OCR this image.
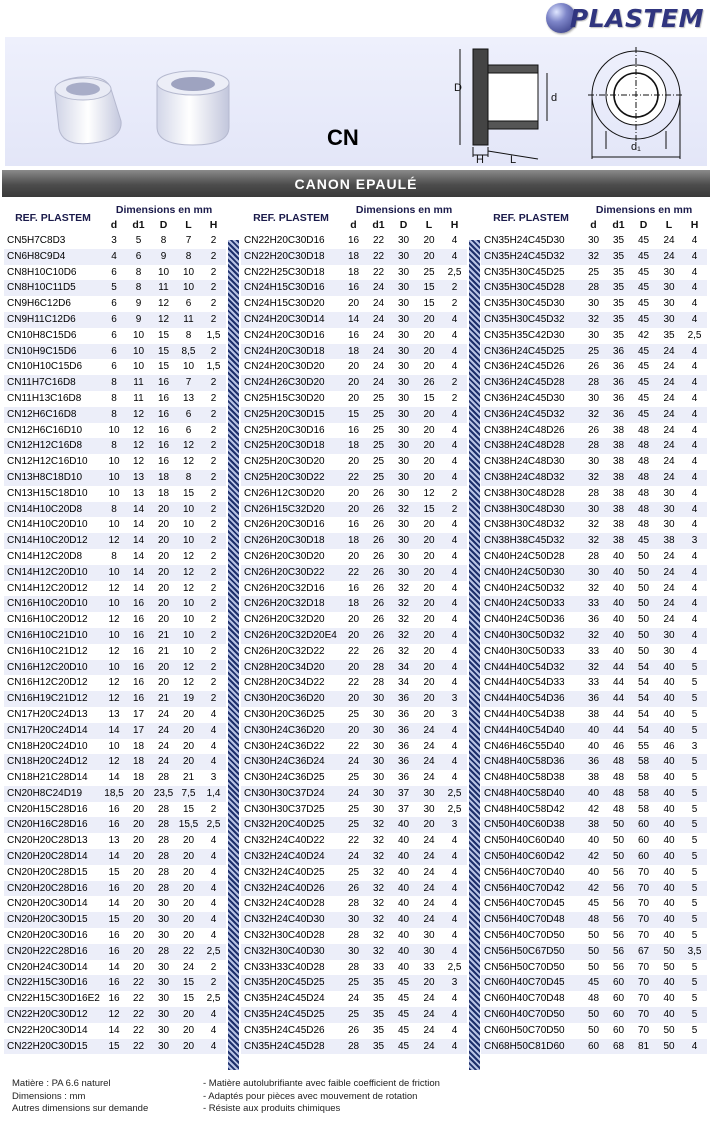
PLASTEM
CN
D
d
H L
d₁
CANON EPAULÉ
REF. PLASTEM	Dimensions en mm				
	d	d1	D	L	H
CN5H7C8D3	3	5	8	7	2
CN6H8C9D4	4	6	9	8	2
CN8H10C10D6	6	8	10	10	2
CN8H10C11D5	5	8	11	10	2
CN9H6C12D6	6	9	12	6	2
CN9H11C12D6	6	9	12	11	2
CN10H8C15D6	6	10	15	8	1,5
CN10H9C15D6	6	10	15	8,5	2
CN10H10C15D6	6	10	15	10	1,5
CN11H7C16D8	8	11	16	7	2
CN11H13C16D8	8	11	16	13	2
CN12H6C16D8	8	12	16	6	2
CN12H6C16D10	10	12	16	6	2
CN12H12C16D8	8	12	16	12	2
CN12H12C16D10	10	12	16	12	2
CN13H8C18D10	10	13	18	8	2
CN13H15C18D10	10	13	18	15	2
CN14H10C20D8	8	14	20	10	2
CN14H10C20D10	10	14	20	10	2
CN14H10C20D12	12	14	20	10	2
CN14H12C20D8	8	14	20	12	2
CN14H12C20D10	10	14	20	12	2
CN14H12C20D12	12	14	20	12	2
CN16H10C20D10	10	16	20	10	2
CN16H10C20D12	12	16	20	10	2
CN16H10C21D10	10	16	21	10	2
CN16H10C21D12	12	16	21	10	2
CN16H12C20D10	10	16	20	12	2
CN16H12C20D12	12	16	20	12	2
CN16H19C21D12	12	16	21	19	2
CN17H20C24D13	13	17	24	20	4
CN17H20C24D14	14	17	24	20	4
CN18H20C24D10	10	18	24	20	4
CN18H20C24D12	12	18	24	20	4
CN18H21C28D14	14	18	28	21	3
CN20H8C24D19	18,5	20	23,5	7,5	1,4
CN20H15C28D16	16	20	28	15	2
CN20H16C28D16	16	20	28	15,5	2,5
CN20H20C28D13	13	20	28	20	4
CN20H20C28D14	14	20	28	20	4
CN20H20C28D15	15	20	28	20	4
CN20H20C28D16	16	20	28	20	4
CN20H20C30D14	14	20	30	20	4
CN20H20C30D15	15	20	30	20	4
CN20H20C30D16	16	20	30	20	4
CN20H22C28D16	16	20	28	22	2,5
CN20H24C30D14	14	20	30	24	2
CN22H15C30D16	16	22	30	15	2
CN22H15C30D16E2	16	22	30	15	2,5
CN22H20C30D12	12	22	30	20	4
CN22H20C30D14	14	22	30	20	4
CN22H20C30D15	15	22	30	20	4
REF. PLASTEM	Dimensions en mm				
	d	d1	D	L	H
CN22H20C30D16	16	22	30	20	4
CN22H20C30D18	18	22	30	20	4
CN22H25C30D18	18	22	30	25	2,5
CN24H15C30D16	16	24	30	15	2
CN24H15C30D20	20	24	30	15	2
CN24H20C30D14	14	24	30	20	4
CN24H20C30D16	16	24	30	20	4
CN24H20C30D18	18	24	30	20	4
CN24H20C30D20	20	24	30	20	4
CN24H26C30D20	20	24	30	26	2
CN25H15C30D20	20	25	30	15	2
CN25H20C30D15	15	25	30	20	4
CN25H20C30D16	16	25	30	20	4
CN25H20C30D18	18	25	30	20	4
CN25H20C30D20	20	25	30	20	4
CN25H20C30D22	22	25	30	20	4
CN26H12C30D20	20	26	30	12	2
CN26H15C32D20	20	26	32	15	2
CN26H20C30D16	16	26	30	20	4
CN26H20C30D18	18	26	30	20	4
CN26H20C30D20	20	26	30	20	4
CN26H20C30D22	22	26	30	20	4
CN26H20C32D16	16	26	32	20	4
CN26H20C32D18	18	26	32	20	4
CN26H20C32D20	20	26	32	20	4
CN26H20C32D20E4	20	26	32	20	4
CN26H20C32D22	22	26	32	20	4
CN28H20C34D20	20	28	34	20	4
CN28H20C34D22	22	28	34	20	4
CN30H20C36D20	20	30	36	20	3
CN30H20C36D25	25	30	36	20	3
CN30H24C36D20	20	30	36	24	4
CN30H24C36D22	22	30	36	24	4
CN30H24C36D24	24	30	36	24	4
CN30H24C36D25	25	30	36	24	4
CN30H30C37D24	24	30	37	30	2,5
CN30H30C37D25	25	30	37	30	2,5
CN32H20C40D25	25	32	40	20	3
CN32H24C40D22	22	32	40	24	4
CN32H24C40D24	24	32	40	24	4
CN32H24C40D25	25	32	40	24	4
CN32H24C40D26	26	32	40	24	4
CN32H24C40D28	28	32	40	24	4
CN32H24C40D30	30	32	40	24	4
CN32H30C40D28	28	32	40	30	4
CN32H30C40D30	30	32	40	30	4
CN33H33C40D28	28	33	40	33	2,5
CN35H20C45D25	25	35	45	20	3
CN35H24C45D24	24	35	45	24	4
CN35H24C45D25	25	35	45	24	4
CN35H24C45D26	26	35	45	24	4
CN35H24C45D28	28	35	45	24	4
REF. PLASTEM	Dimensions en mm				
	d	d1	D	L	H
CN35H24C45D30	30	35	45	24	4
CN35H24C45D32	32	35	45	24	4
CN35H30C45D25	25	35	45	30	4
CN35H30C45D28	28	35	45	30	4
CN35H30C45D30	30	35	45	30	4
CN35H30C45D32	32	35	45	30	4
CN35H35C42D30	30	35	42	35	2,5
CN36H24C45D25	25	36	45	24	4
CN36H24C45D26	26	36	45	24	4
CN36H24C45D28	28	36	45	24	4
CN36H24C45D30	30	36	45	24	4
CN36H24C45D32	32	36	45	24	4
CN38H24C48D26	26	38	48	24	4
CN38H24C48D28	28	38	48	24	4
CN38H24C48D30	30	38	48	24	4
CN38H24C48D32	32	38	48	24	4
CN38H30C48D28	28	38	48	30	4
CN38H30C48D30	30	38	48	30	4
CN38H30C48D32	32	38	48	30	4
CN38H38C45D32	32	38	45	38	3
CN40H24C50D28	28	40	50	24	4
CN40H24C50D30	30	40	50	24	4
CN40H24C50D32	32	40	50	24	4
CN40H24C50D33	33	40	50	24	4
CN40H24C50D36	36	40	50	24	4
CN40H30C50D32	32	40	50	30	4
CN40H30C50D33	33	40	50	30	4
CN44H40C54D32	32	44	54	40	5
CN44H40C54D33	33	44	54	40	5
CN44H40C54D36	36	44	54	40	5
CN44H40C54D38	38	44	54	40	5
CN44H40C54D40	40	44	54	40	5
CN46H46C55D40	40	46	55	46	3
CN48H40C58D36	36	48	58	40	5
CN48H40C58D38	38	48	58	40	5
CN48H40C58D40	40	48	58	40	5
CN48H40C58D42	42	48	58	40	5
CN50H40C60D38	38	50	60	40	5
CN50H40C60D40	40	50	60	40	5
CN50H40C60D42	42	50	60	40	5
CN56H40C70D40	40	56	70	40	5
CN56H40C70D42	42	56	70	40	5
CN56H40C70D45	45	56	70	40	5
CN56H40C70D48	48	56	70	40	5
CN56H40C70D50	50	56	70	40	5
CN56H50C67D50	50	56	67	50	3,5
CN56H50C70D50	50	56	70	50	5
CN60H40C70D45	45	60	70	40	5
CN60H40C70D48	48	60	70	40	5
CN60H40C70D50	50	60	70	40	5
CN60H50C70D50	50	60	70	50	5
CN68H50C81D60	60	68	81	50	4
Matière : PA 6.6 naturel
Dimensions : mm
Autres dimensions sur demande
- Matière autolubrifiante avec faible coefficient de friction
- Adaptés pour pièces avec mouvement de rotation
- Résiste aux produits chimiques
